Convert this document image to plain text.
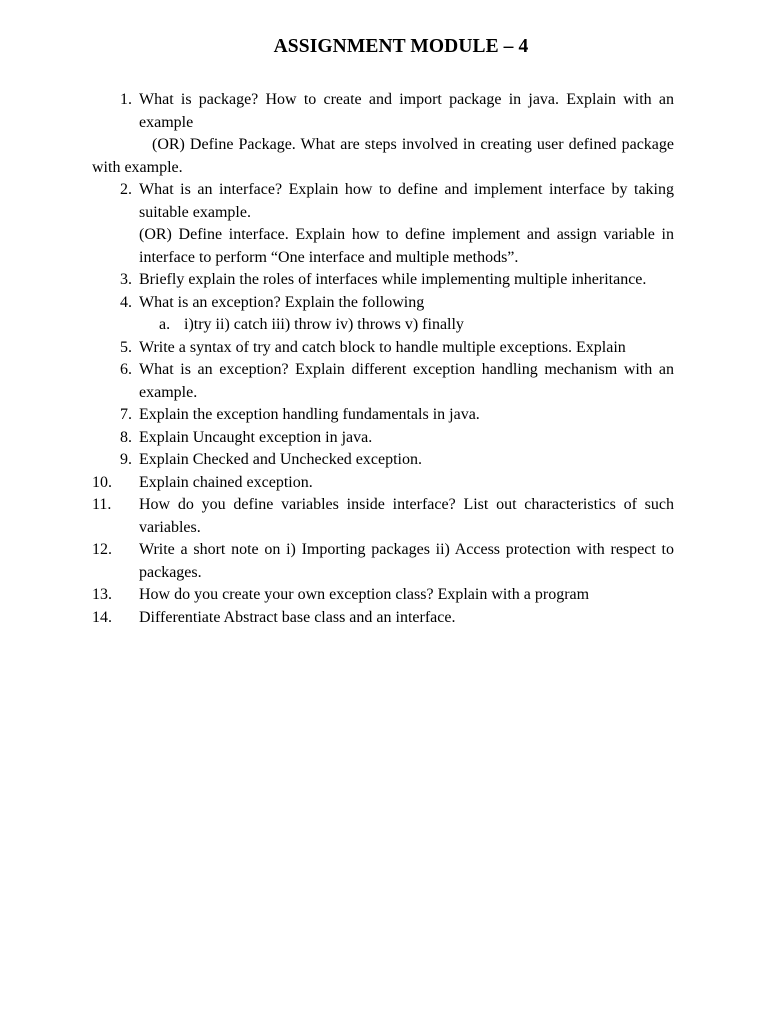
ASSIGNMENT MODULE – 4
1. What is package? How to create and import package in java. Explain with an example
(OR) Define Package. What are steps involved in creating user defined package with example.
2. What is an interface? Explain how to define and implement interface by taking suitable example.
(OR) Define interface. Explain how to define implement and assign variable in interface to perform “One interface and multiple methods”.
3. Briefly explain the roles of interfaces while implementing multiple inheritance.
4. What is an exception? Explain the following
a. i)try ii) catch iii) throw iv) throws v) finally
5. Write a syntax of try and catch block to handle multiple exceptions. Explain
6. What is an exception? Explain different exception handling mechanism with an example.
7. Explain the exception handling fundamentals in java.
8. Explain Uncaught exception in java.
9. Explain Checked and Unchecked exception.
10.	Explain chained exception.
11.	How do you define variables inside interface? List out characteristics of such variables.
12.	Write a short note on i) Importing packages ii) Access protection with respect to packages.
13.	How do you create your own exception class? Explain with a program
14.	Differentiate Abstract base class and an interface.
